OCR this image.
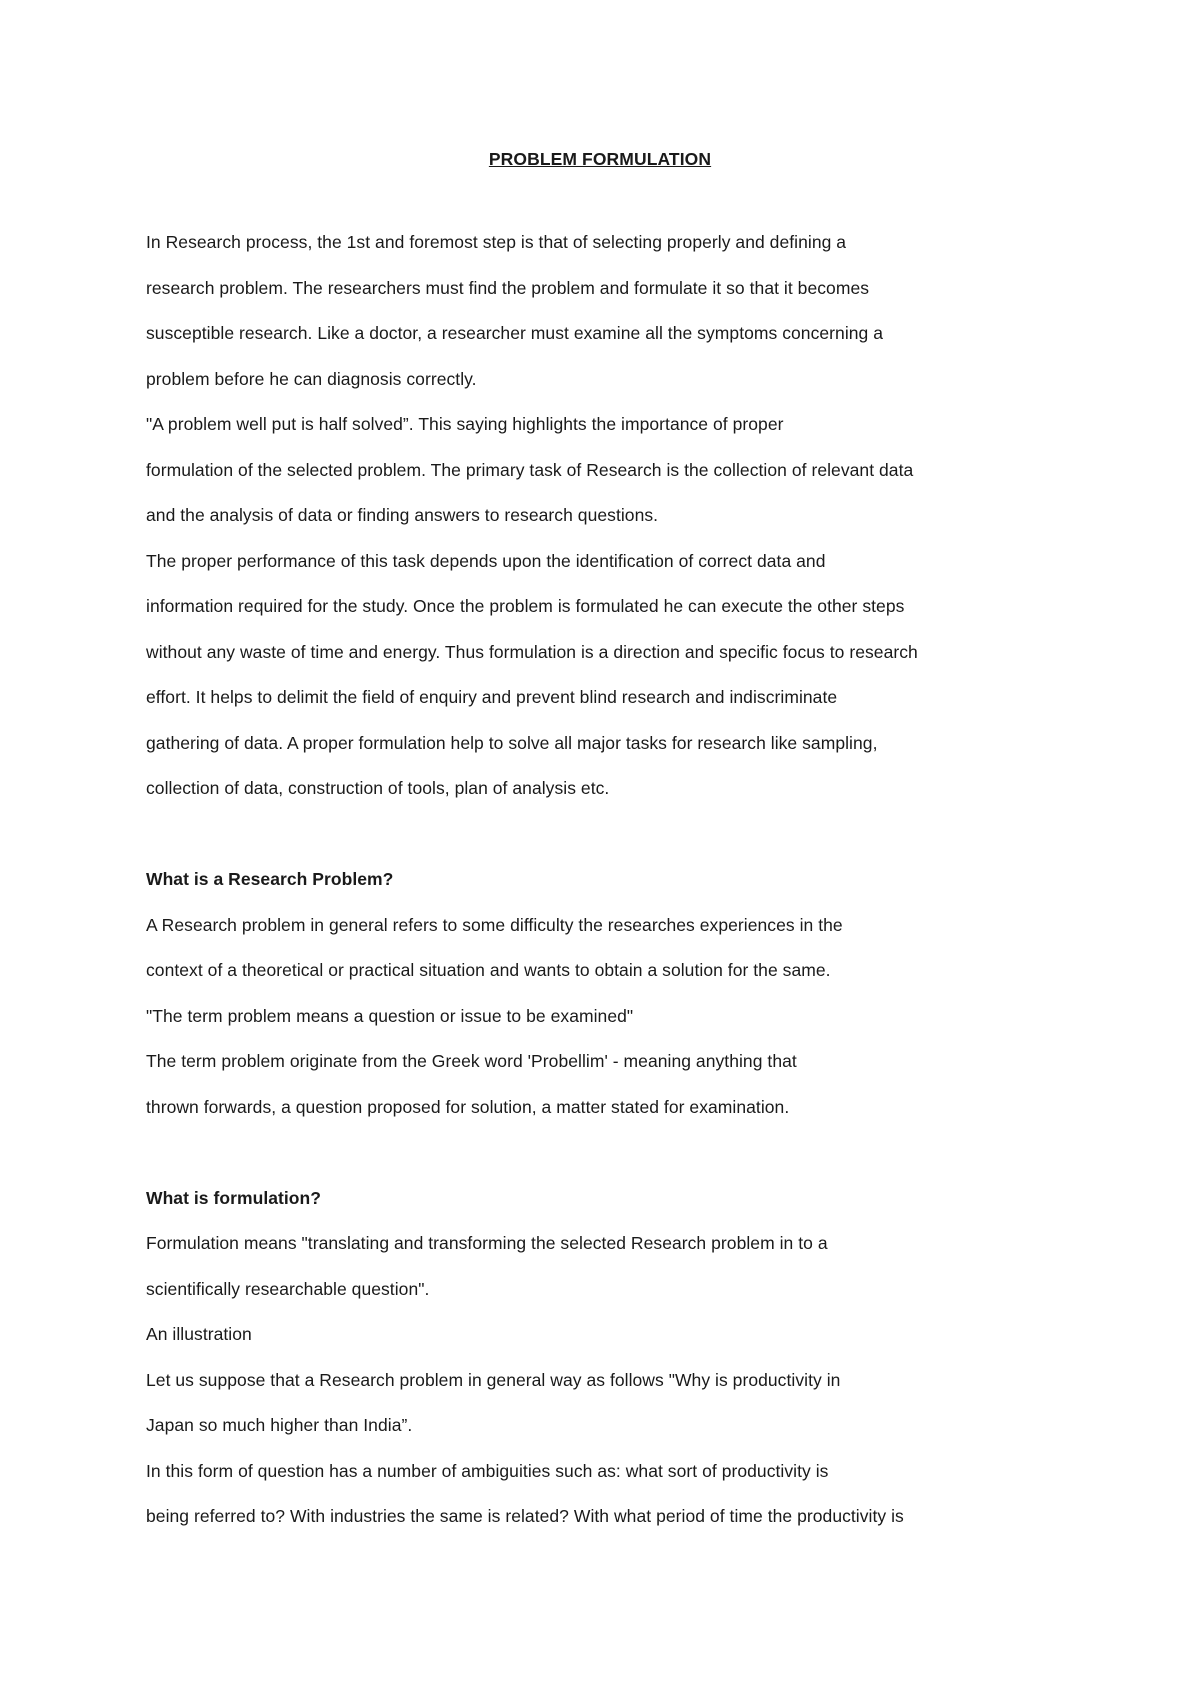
PROBLEM FORMULATION
In Research process, the 1st and foremost step is that of selecting properly and defining a
research problem. The researchers must find the problem and formulate it so that it becomes
susceptible research. Like a doctor, a researcher must examine all the symptoms concerning a
problem before he can diagnosis correctly.
"A problem well put is half solved”. This saying highlights the importance of proper
formulation of the selected problem. The primary task of Research is the collection of relevant data
and the analysis of data or finding answers to research questions.
The proper performance of this task depends upon the identification of correct data and
information required for the study. Once the problem is formulated he can execute the other steps
without any waste of time and energy. Thus formulation is a direction and specific focus to research
effort. It helps to delimit the field of enquiry and prevent blind research and indiscriminate
gathering of data. A proper formulation help to solve all major tasks for research like sampling,
collection of data, construction of tools, plan of analysis etc.
What is a Research Problem?
A Research problem in general refers to some difficulty the researches experiences in the
context of a theoretical or practical situation and wants to obtain a solution for the same.
"The term problem means a question or issue to be examined"
The term problem originate from the Greek word 'Probellim' - meaning anything that
thrown forwards, a question proposed for solution, a matter stated for examination.
What is formulation?
Formulation means "translating and transforming the selected Research problem in to a
scientifically researchable question".
An illustration
Let us suppose that a Research problem in general way as follows "Why is productivity in
Japan so much higher than India”.
In this form of question has a number of ambiguities such as: what sort of productivity is
being referred to? With industries the same is related? With what period of time the productivity is
